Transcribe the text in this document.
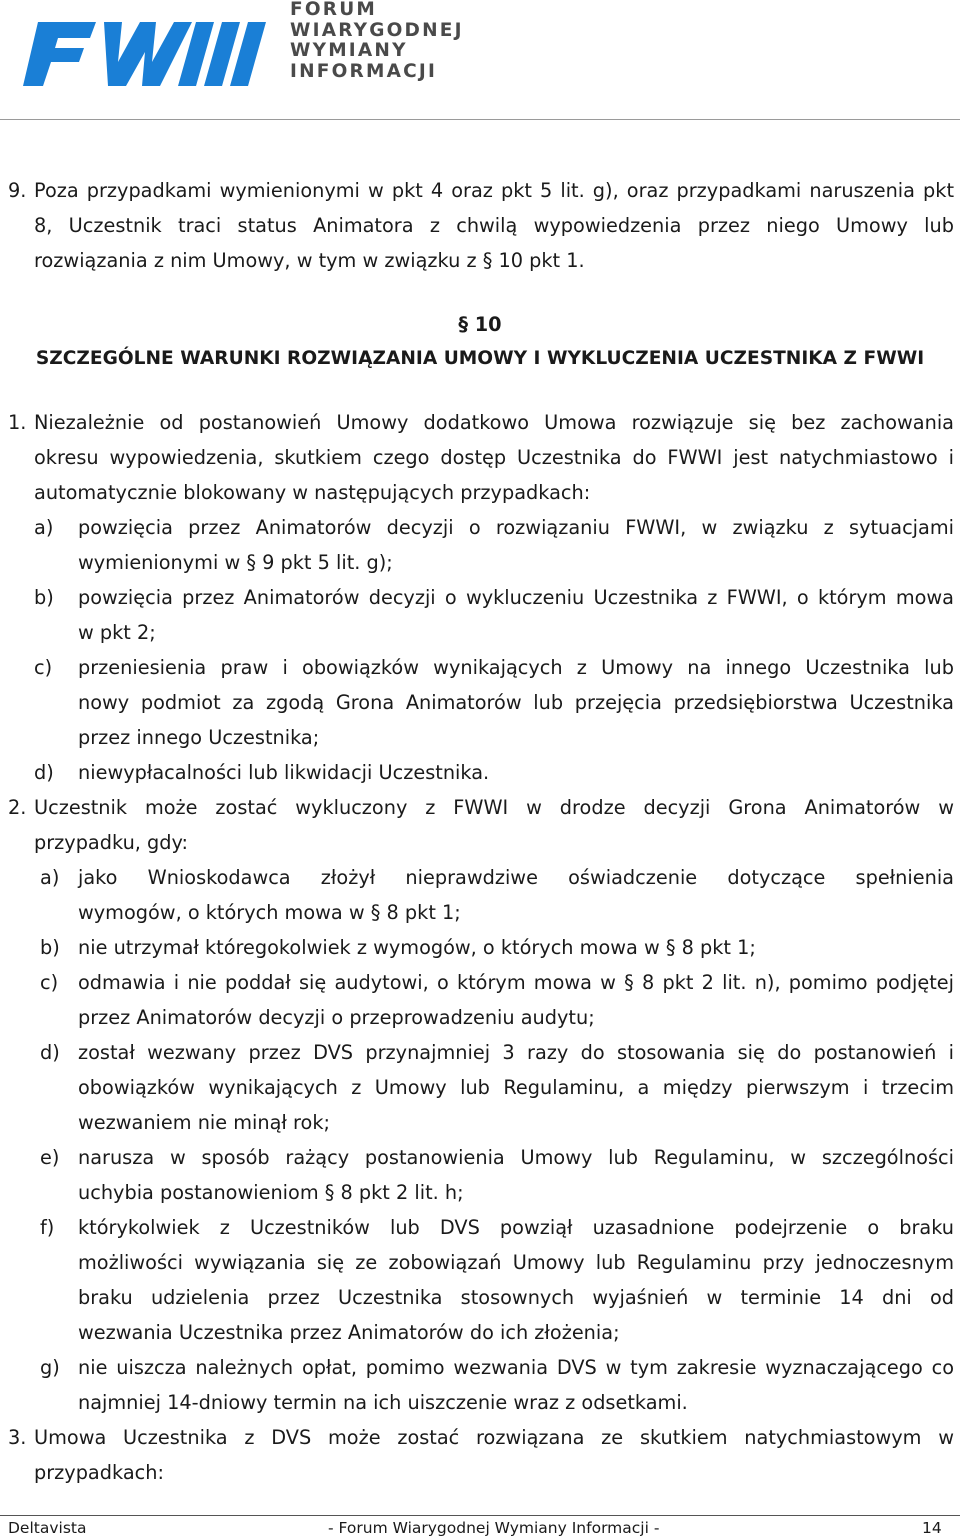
FORUM
WIARYGODNEJ
WYMIANY
INFORMACJI
9. Poza przypadkami wymienionymi w pkt 4 oraz pkt 5 lit. g), oraz przypadkami naruszenia pkt
8, Uczestnik traci status Animatora z chwilą wypowiedzenia przez niego Umowy lub
rozwiązania z nim Umowy, w tym w związku z § 10 pkt 1.
§ 10
SZCZEGÓLNE WARUNKI ROZWIĄZANIA UMOWY I WYKLUCZENIA UCZESTNIKA Z FWWI
1. Niezależnie od postanowień Umowy dodatkowo Umowa rozwiązuje się bez zachowania
okresu wypowiedzenia, skutkiem czego dostęp Uczestnika do FWWI jest natychmiastowo i
automatycznie blokowany w następujących przypadkach:
a) powzięcia przez Animatorów decyzji o rozwiązaniu FWWI, w związku z sytuacjami
wymienionymi w § 9 pkt 5 lit. g);
b) powzięcia przez Animatorów decyzji o wykluczeniu Uczestnika z FWWI, o którym mowa
w pkt 2;
c) przeniesienia praw i obowiązków wynikających z Umowy na innego Uczestnika lub
nowy podmiot za zgodą Grona Animatorów lub przejęcia przedsiębiorstwa Uczestnika
przez innego Uczestnika;
d) niewypłacalności lub likwidacji Uczestnika.
2. Uczestnik może zostać wykluczony z FWWI w drodze decyzji Grona Animatorów w
przypadku, gdy:
a) jako Wnioskodawca złożył nieprawdziwe oświadczenie dotyczące spełnienia
wymogów, o których mowa w § 8 pkt 1;
b) nie utrzymał któregokolwiek z wymogów, o których mowa w § 8 pkt 1;
c) odmawia i nie poddał się audytowi, o którym mowa w § 8 pkt 2 lit. n), pomimo podjętej
przez Animatorów decyzji o przeprowadzeniu audytu;
d) został wezwany przez DVS przynajmniej 3 razy do stosowania się do postanowień i
obowiązków wynikających z Umowy lub Regulaminu, a między pierwszym i trzecim
wezwaniem nie minął rok;
e) narusza w sposób rażący postanowienia Umowy lub Regulaminu, w szczególności
uchybia postanowieniom § 8 pkt 2 lit. h;
f) którykolwiek z Uczestników lub DVS powziął uzasadnione podejrzenie o braku
możliwości wywiązania się ze zobowiązań Umowy lub Regulaminu przy jednoczesnym
braku udzielenia przez Uczestnika stosownych wyjaśnień w terminie 14 dni od
wezwania Uczestnika przez Animatorów do ich złożenia;
g) nie uiszcza należnych opłat, pomimo wezwania DVS w tym zakresie wyznaczającego co
najmniej 14-dniowy termin na ich uiszczenie wraz z odsetkami.
3. Umowa Uczestnika z DVS może zostać rozwiązana ze skutkiem natychmiastowym w
przypadkach:
Deltavista	- Forum Wiarygodnej Wymiany Informacji -	14
